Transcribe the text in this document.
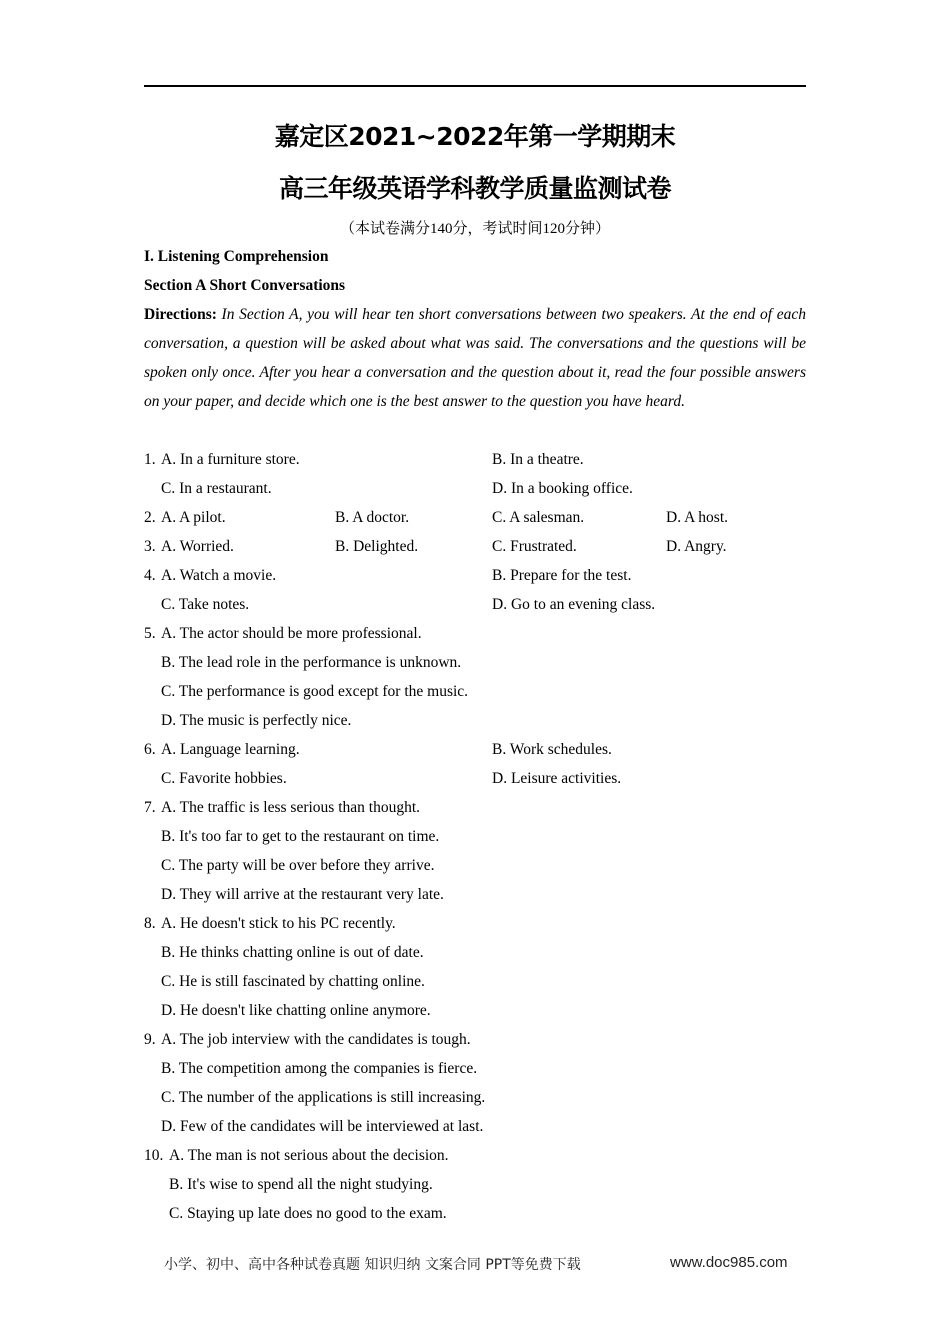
嘉定区2021~2022年第一学期期末
高三年级英语学科教学质量监测试卷
（本试卷满分140分，考试时间120分钟）
I. Listening Comprehension
Section A Short Conversations
Directions: In Section A, you will hear ten short conversations between two speakers. At the end of each conversation, a question will be asked about what was said. The conversations and the questions will be spoken only once. After you hear a conversation and the question about it, read the four possible answers on your paper, and decide which one is the best answer to the question you have heard.
1. A. In a furniture store.	B. In a theatre.
C. In a restaurant.	D. In a booking office.
2. A. A pilot.	B. A doctor.	C. A salesman.	D. A host.
3. A. Worried.	B. Delighted.	C. Frustrated.	D. Angry.
4. A. Watch a movie.	B. Prepare for the test.
C. Take notes.	D. Go to an evening class.
5. A. The actor should be more professional.
B. The lead role in the performance is unknown.
C. The performance is good except for the music.
D. The music is perfectly nice.
6. A. Language learning.	B. Work schedules.
C. Favorite hobbies.	D. Leisure activities.
7. A. The traffic is less serious than thought.
B. It's too far to get to the restaurant on time.
C. The party will be over before they arrive.
D. They will arrive at the restaurant very late.
8. A. He doesn't stick to his PC recently.
B. He thinks chatting online is out of date.
C. He is still fascinated by chatting online.
D. He doesn't like chatting online anymore.
9. A. The job interview with the candidates is tough.
B. The competition among the companies is fierce.
C. The number of the applications is still increasing.
D. Few of the candidates will be interviewed at last.
10. A. The man is not serious about the decision.
B. It's wise to spend all the night studying.
C. Staying up late does no good to the exam.
小学、初中、高中各种试卷真题 知识归纳 文案合同 PPT等免费下载	www.doc985.com
